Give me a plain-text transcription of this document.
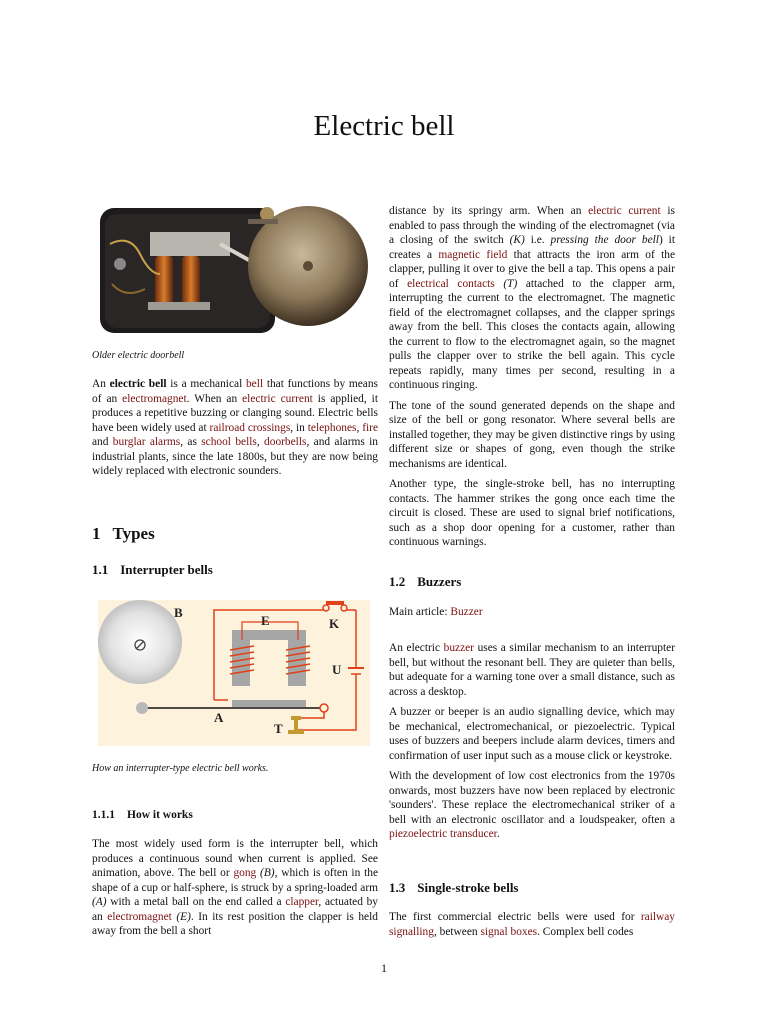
Electric bell
Older electric doorbell

An electric bell is a mechanical bell that functions by means of an electromagnet. When an electric current is applied, it produces a repetitive buzzing or clanging sound. Electric bells have been widely used at railroad crossings, in telephones, fire and burglar alarms, as school bells, doorbells, and alarms in industrial plants, since the late 1800s, but they are now being widely replaced with electronic sounders.

1 Types
1.1 Interrupter bells
B
E	K
U
A
T
How an interrupter-type electric bell works.
1.1.1 How it works

The most widely used form is the interrupter bell, which produces a continuous sound when current is applied. See animation, above. The bell or gong (B), which is often in the shape of a cup or half-sphere, is struck by a spring-loaded arm (A) with a metal ball on the end called a clapper, actuated by an electromagnet (E). In its rest position the clapper is held away from the bell a short

distance by its springy arm. When an electric current is enabled to pass through the winding of the electromagnet (via a closing of the switch (K) i.e. pressing the door bell) it creates a magnetic field that attracts the iron arm of the clapper, pulling it over to give the bell a tap. This opens a pair of electrical contacts (T) attached to the clapper arm, interrupting the current to the electromagnet. The magnetic field of the electromagnet collapses, and the clapper springs away from the bell. This closes the contacts again, allowing the current to flow to the electromagnet again, so the magnet pulls the clapper over to strike the bell again. This cycle repeats rapidly, many times per second, resulting in a continuous ringing.

The tone of the sound generated depends on the shape and size of the bell or gong resonator. Where several bells are installed together, they may be given distinctive rings by using different size or shapes of gong, even though the strike mechanisms are identical.

Another type, the single-stroke bell, has no interrupting contacts. The hammer strikes the gong once each time the circuit is closed. These are used to signal brief notifications, such as a shop door opening for a customer, rather than continuous warnings.

1.2 Buzzers

Main article: Buzzer

An electric buzzer uses a similar mechanism to an interrupter bell, but without the resonant bell. They are quieter than bells, but adequate for a warning tone over a small distance, such as across a desktop.

A buzzer or beeper is an audio signalling device, which may be mechanical, electromechanical, or piezoelectric. Typical uses of buzzers and beepers include alarm devices, timers and confirmation of user input such as a mouse click or keystroke.

With the development of low cost electronics from the 1970s onwards, most buzzers have now been replaced by electronic 'sounders'. These replace the electromechanical striker of a bell with an electronic oscillator and a loudspeaker, often a piezoelectric transducer.

1.3 Single-stroke bells

The first commercial electric bells were used for railway signalling, between signal boxes. Complex bell codes

1
